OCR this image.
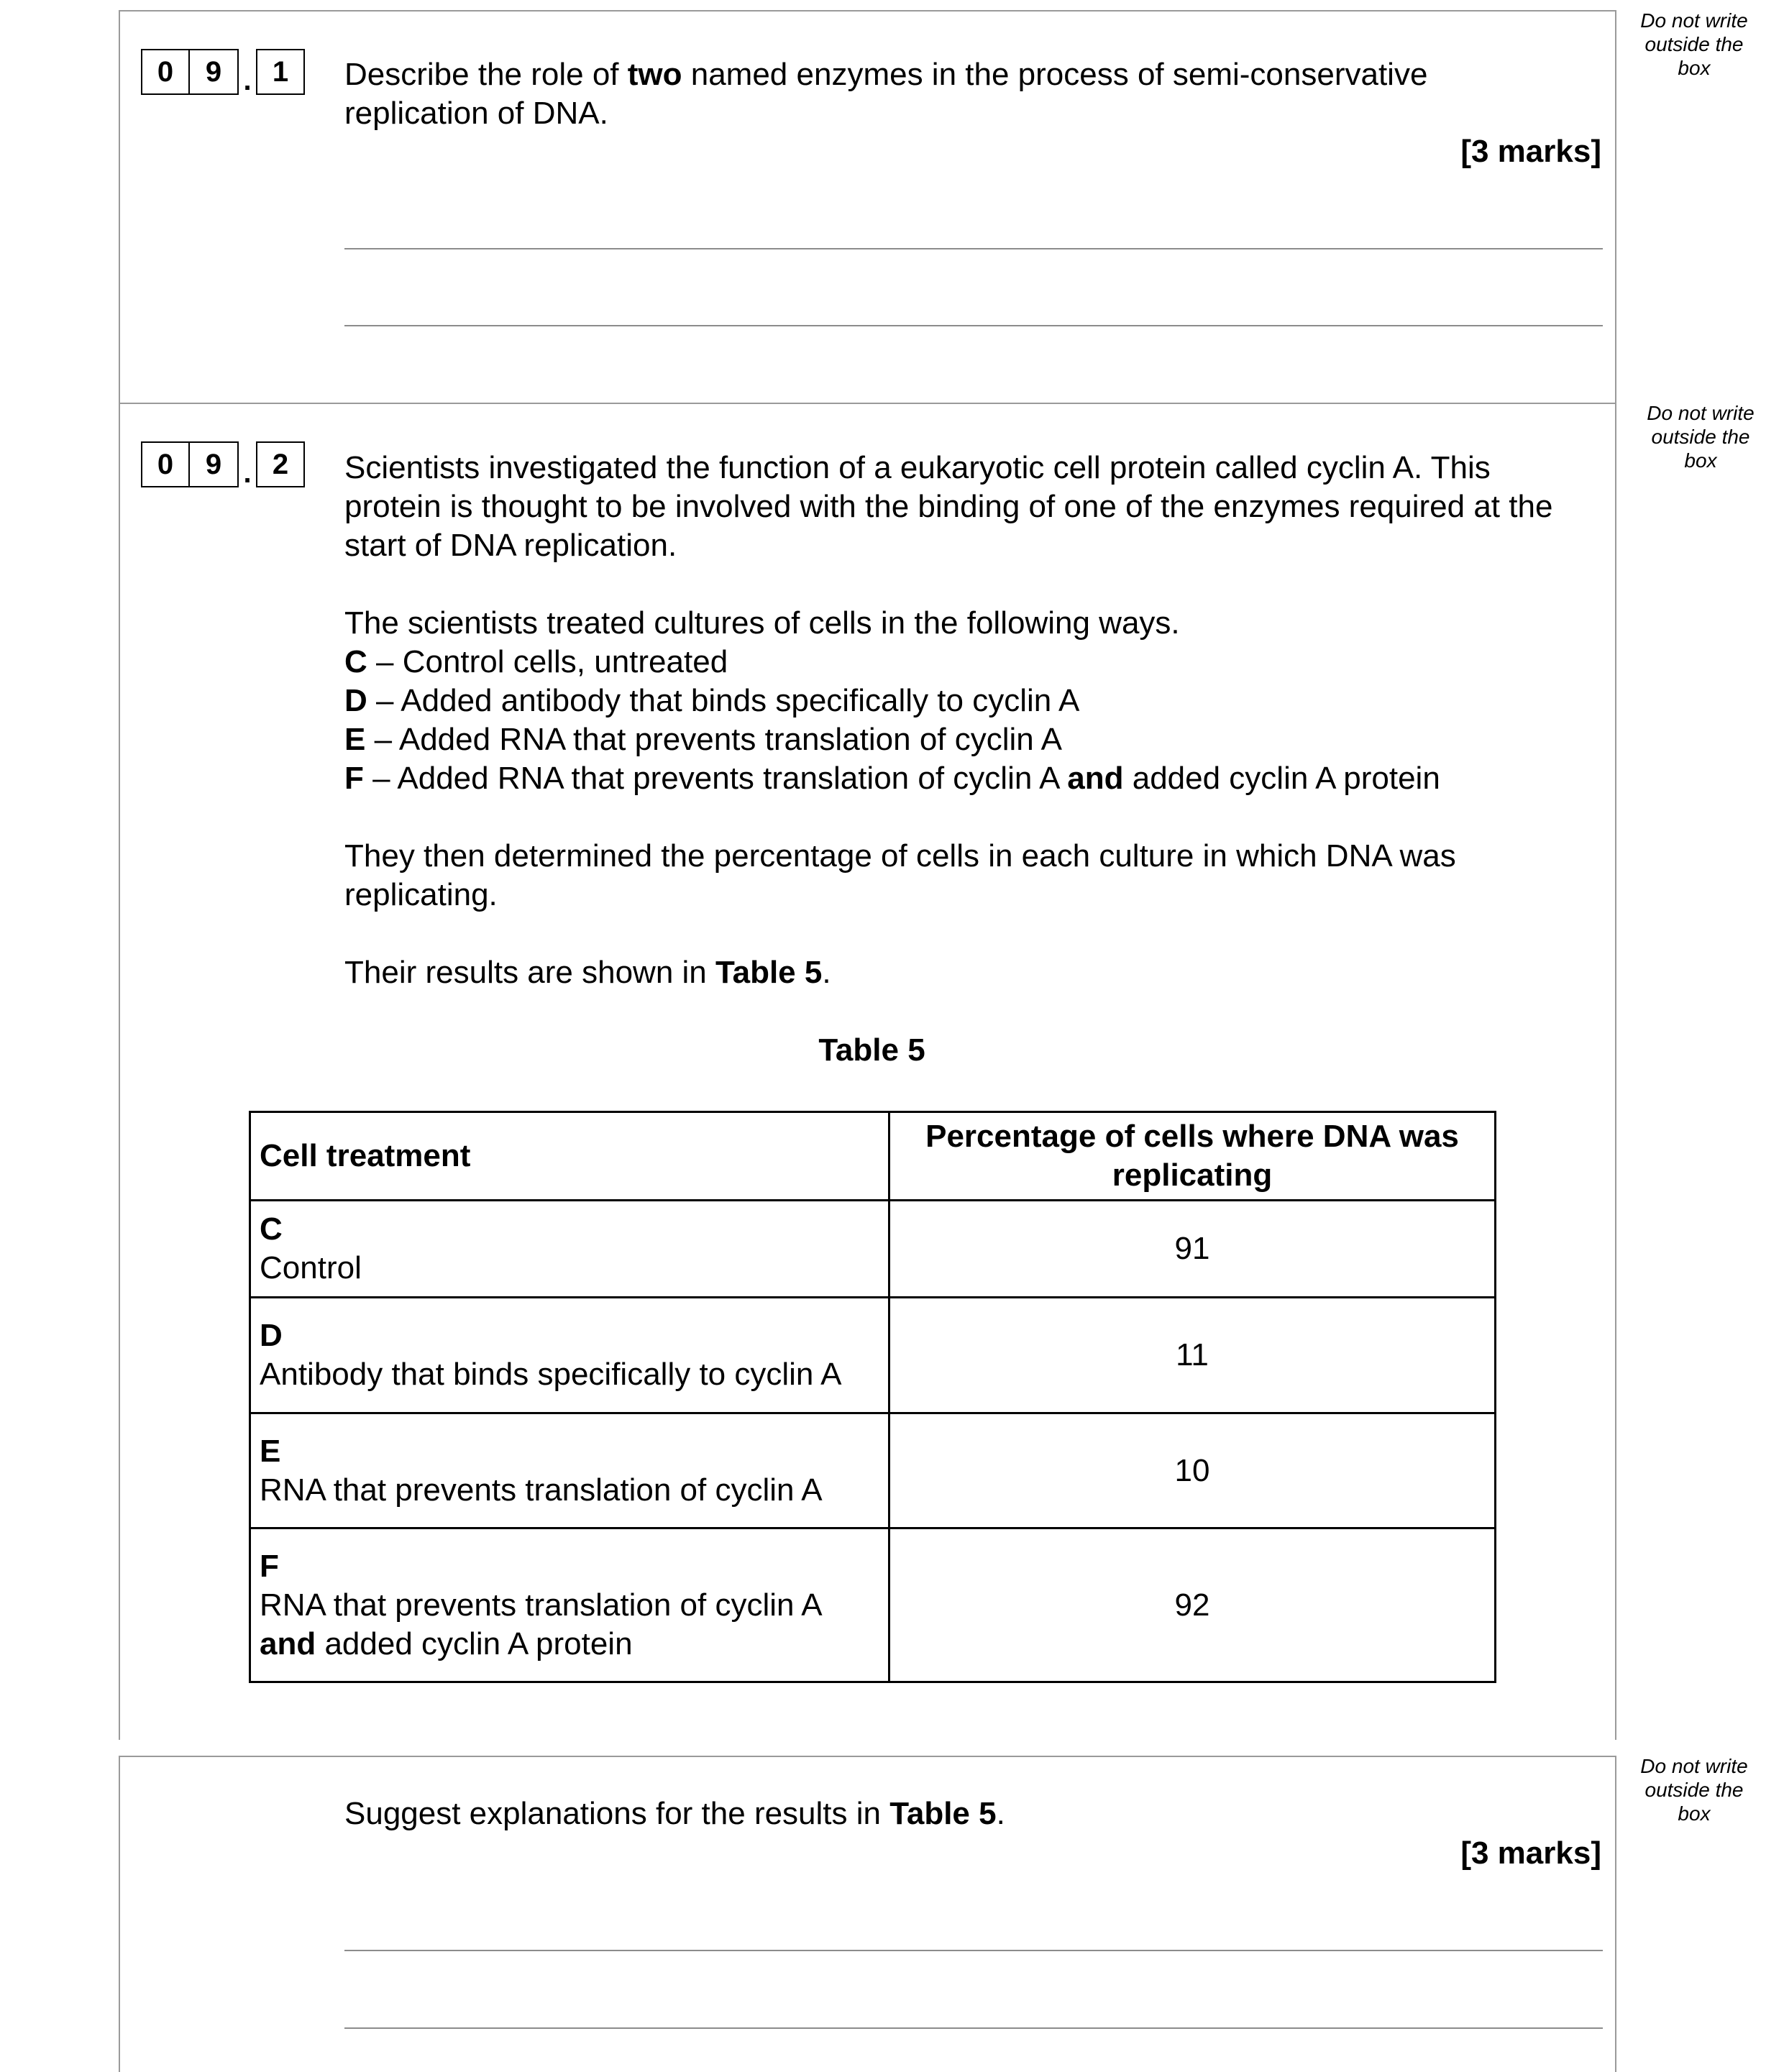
Do not write
outside the
box
Do not write
outside the
box
Do not write
outside the
box
0	9 . 1	Describe the role of two named enzymes in the process of semi-conservative replication of DNA.

[3 marks]
0	9 . 2	Scientists investigated the function of a eukaryotic cell protein called cyclin A. This protein is thought to be involved with the binding of one of the enzymes required at the start of DNA replication.

The scientists treated cultures of cells in the following ways.

C – Control cells, untreated

D – Added antibody that binds specifically to cyclin A

E – Added RNA that prevents translation of cyclin A

F – Added RNA that prevents translation of cyclin A and added cyclin A protein

They then determined the percentage of cells in each culture in which DNA was replicating.

Their results are shown in Table 5.

Table 5
Cell treatment	Percentage of cells where DNA was replicating

C
Control	91

D
Antibody that binds specifically to cyclin A	11

E
RNA that prevents translation of cyclin A	10

F
RNA that prevents translation of cyclin A
and added cyclin A protein	92

Suggest explanations for the results in Table 5.

[3 marks]
